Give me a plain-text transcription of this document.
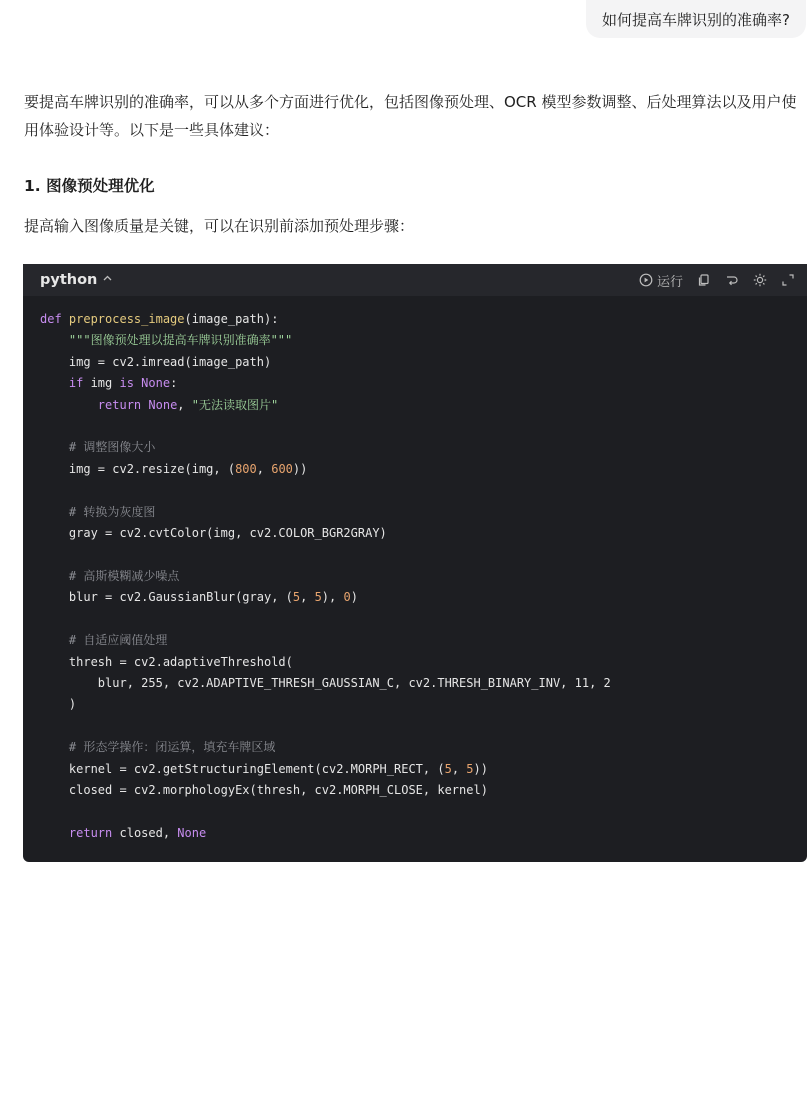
如何提高车牌识别的准确率?

要提高车牌识别的准确率，可以从多个方面进行优化，包括图像预处理、OCR 模型参数调整、后处理算法以及用户使用体验设计等。以下是一些具体建议：

1. 图像预处理优化

提高输入图像质量是关键，可以在识别前添加预处理步骤：

python	运行
def preprocess_image(image_path):
"""图像预处理以提高车牌识别准确率"""
img = cv2.imread(image_path)
if img is None:
return None, "无法读取图片"

# 调整图像大小
img = cv2.resize(img, (800, 600))

# 转换为灰度图
gray = cv2.cvtColor(img, cv2.COLOR_BGR2GRAY)

# 高斯模糊减少噪点
blur = cv2.GaussianBlur(gray, (5, 5), 0)

# 自适应阈值处理
thresh = cv2.adaptiveThreshold(
blur, 255, cv2.ADAPTIVE_THRESH_GAUSSIAN_C, cv2.THRESH_BINARY_INV, 11, 2
)

# 形态学操作：闭运算，填充车牌区域
kernel = cv2.getStructuringElement(cv2.MORPH_RECT, (5, 5))
closed = cv2.morphologyEx(thresh, cv2.MORPH_CLOSE, kernel)

return closed, None
掘金技术社区 @ Harry技术
